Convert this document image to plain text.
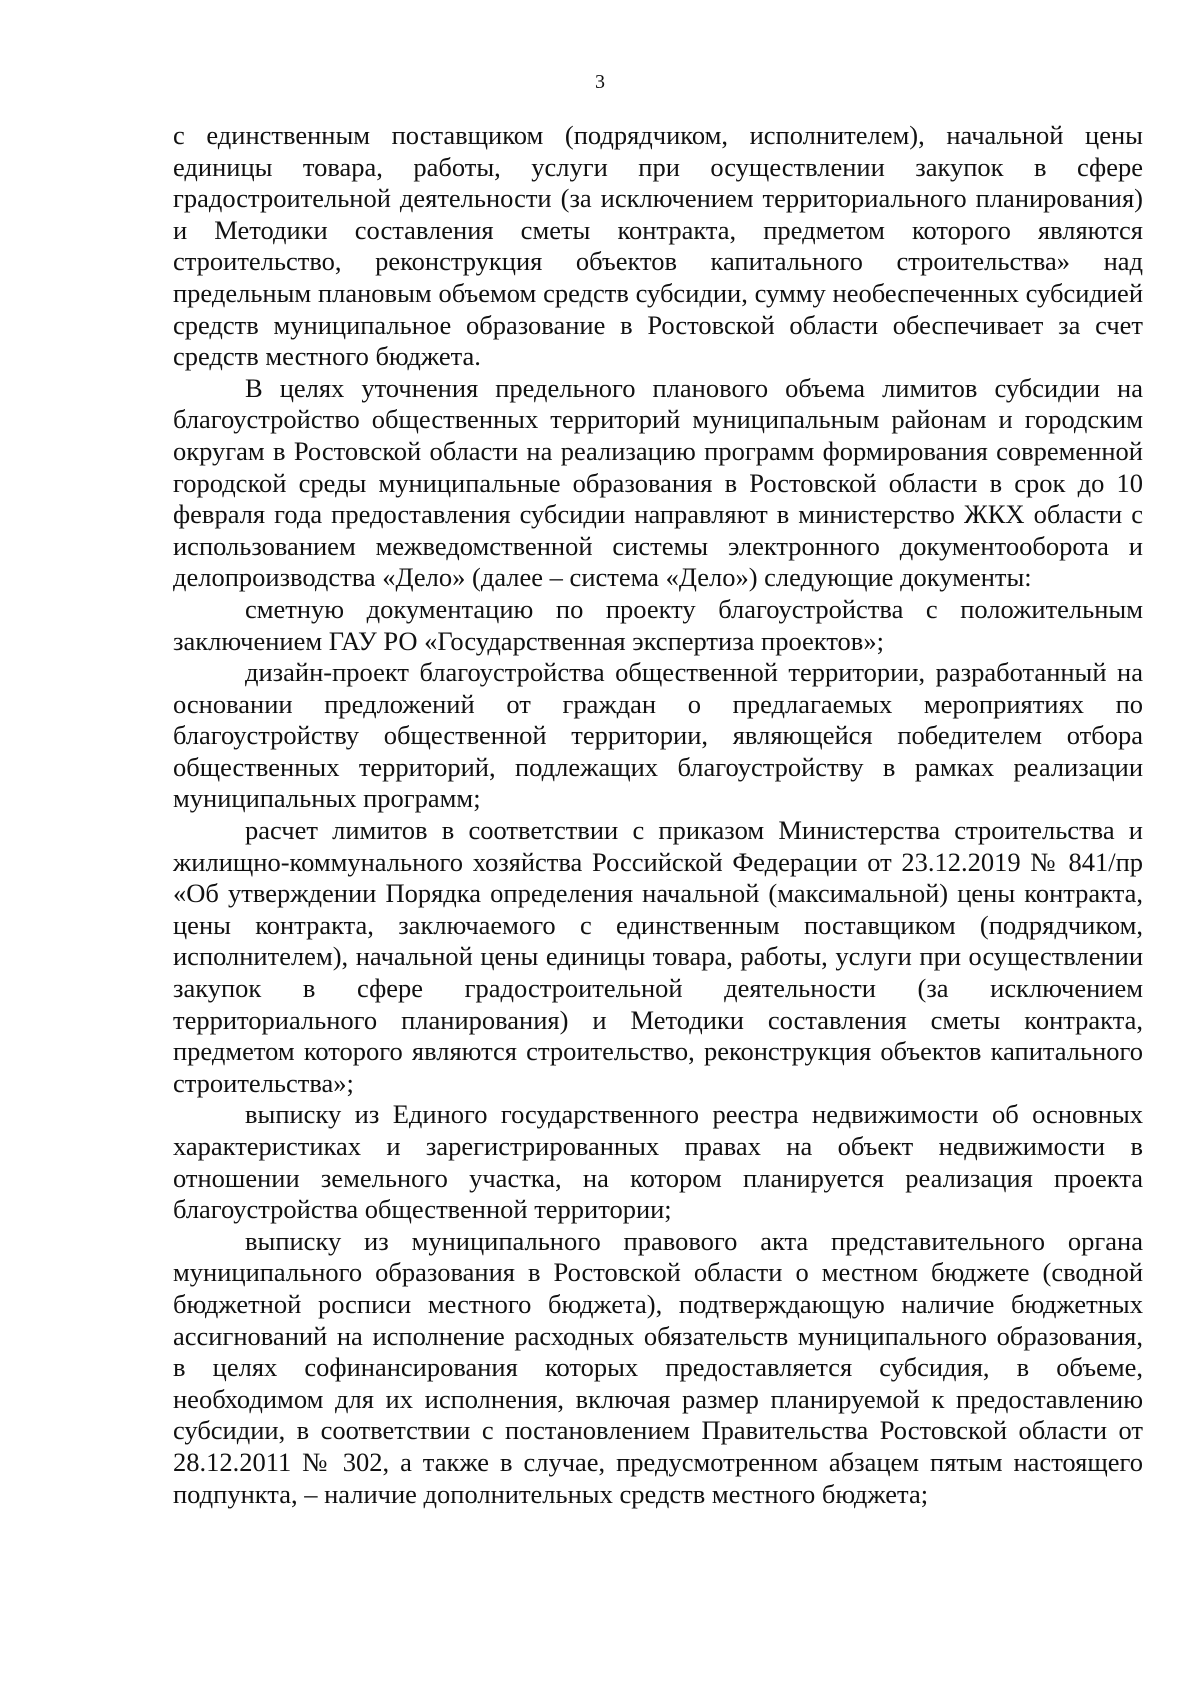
3

с единственным поставщиком (подрядчиком, исполнителем), начальной цены единицы товара, работы, услуги при осуществлении закупок в сфере градостроительной деятельности (за исключением территориального планирования) и Методики составления сметы контракта, предметом которого являются строительство, реконструкция объектов капитального строительства» над предельным плановым объемом средств субсидии, сумму необеспеченных субсидией средств муниципальное образование в Ростовской области обеспечивает за счет средств местного бюджета.

В целях уточнения предельного планового объема лимитов субсидии на благоустройство общественных территорий муниципальным районам и городским округам в Ростовской области на реализацию программ формирования современной городской среды муниципальные образования в Ростовской области в срок до 10 февраля года предоставления субсидии направляют в министерство ЖКХ области с использованием межведомственной системы электронного документооборота и делопроизводства «Дело» (далее – система «Дело») следующие документы:

сметную документацию по проекту благоустройства с положительным заключением ГАУ РО «Государственная экспертиза проектов»;

дизайн-проект благоустройства общественной территории, разработанный на основании предложений от граждан о предлагаемых мероприятиях по благоустройству общественной территории, являющейся победителем отбора общественных территорий, подлежащих благоустройству в рамках реализации муниципальных программ;

расчет лимитов в соответствии с приказом Министерства строительства и жилищно-коммунального хозяйства Российской Федерации от 23.12.2019 № 841/пр «Об утверждении Порядка определения начальной (максимальной) цены контракта, цены контракта, заключаемого с единственным поставщиком (подрядчиком, исполнителем), начальной цены единицы товара, работы, услуги при осуществлении закупок в сфере градостроительной деятельности (за исключением территориального планирования) и Методики составления сметы контракта, предметом которого являются строительство, реконструкция объектов капитального строительства»;

выписку из Единого государственного реестра недвижимости об основных характеристиках и зарегистрированных правах на объект недвижимости в отношении земельного участка, на котором планируется реализация проекта благоустройства общественной территории;

выписку из муниципального правового акта представительного органа муниципального образования в Ростовской области о местном бюджете (сводной бюджетной росписи местного бюджета), подтверждающую наличие бюджетных ассигнований на исполнение расходных обязательств муниципального образования, в целях софинансирования которых предоставляется субсидия, в объеме, необходимом для их исполнения, включая размер планируемой к предоставлению субсидии, в соответствии с постановлением Правительства Ростовской области от 28.12.2011 № 302, а также в случае, предусмотренном абзацем пятым настоящего подпункта, – наличие дополнительных средств местного бюджета;
